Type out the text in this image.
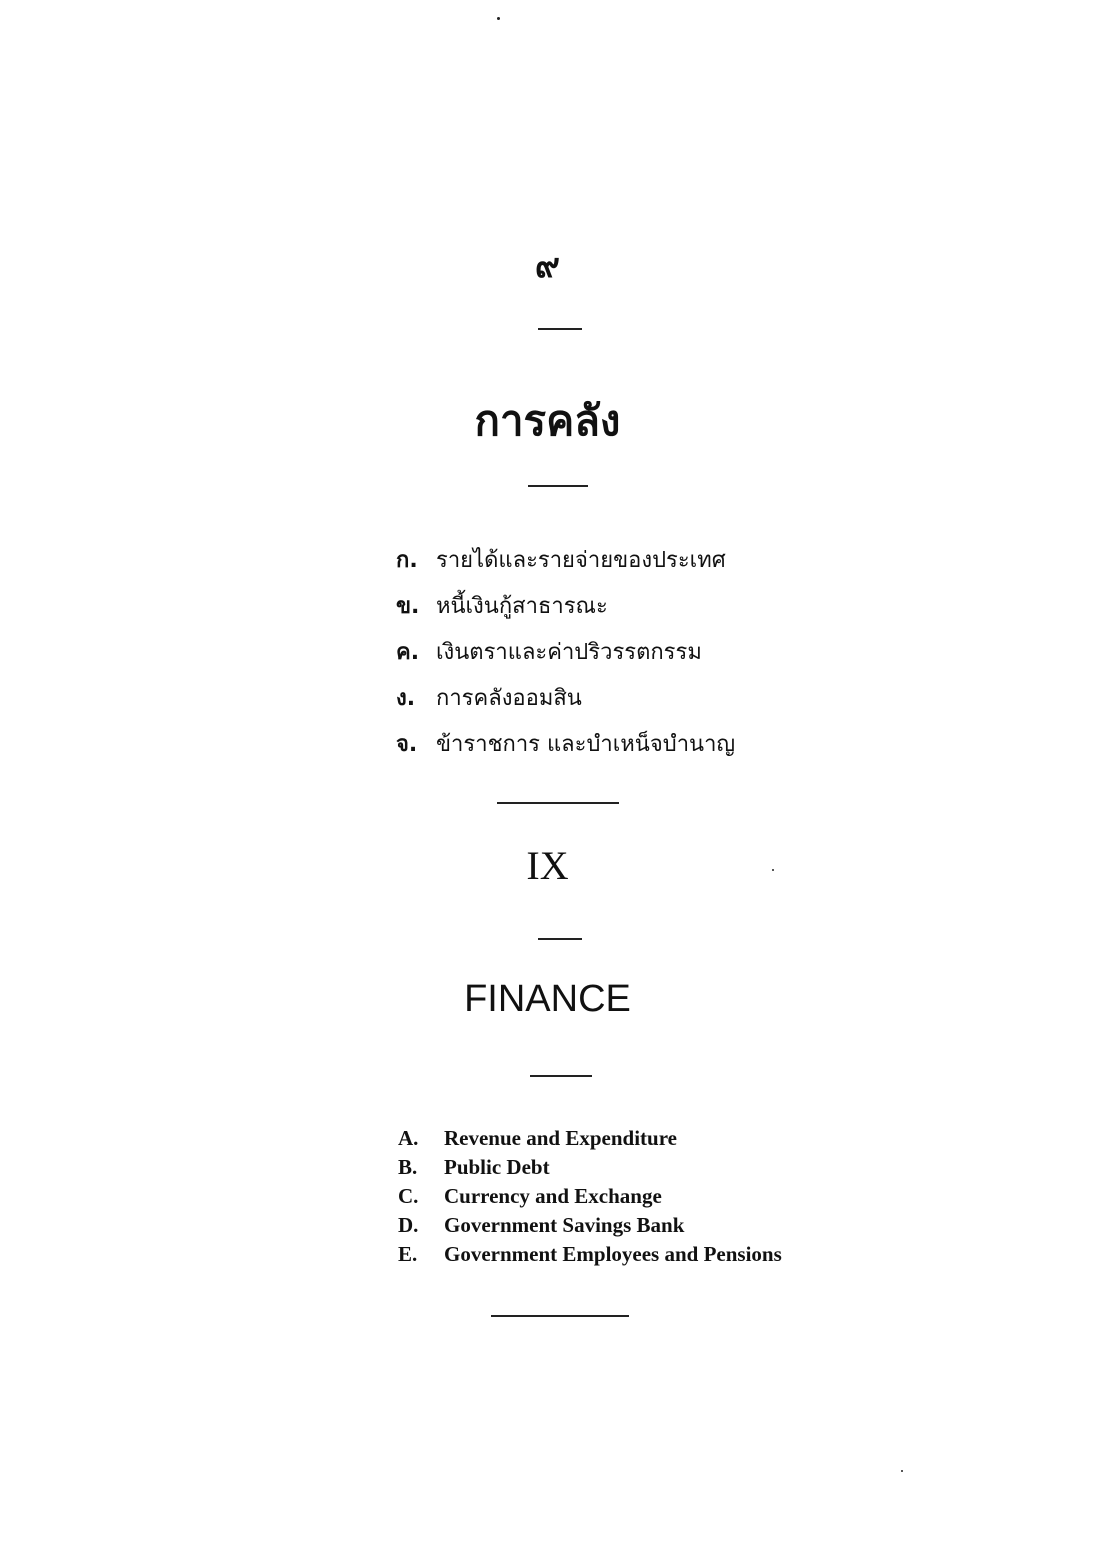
๙
การคลัง
ก. รายได้และรายจ่ายของประเทศ
ข. หนี้เงินกู้สาธารณะ
ค. เงินตราและค่าปริวรรตกรรม
ง. การคลังออมสิน
จ. ข้าราชการ และบำเหน็จบำนาญ
IX
FINANCE
A. Revenue and Expenditure
B. Public Debt
C. Currency and Exchange
D. Government Savings Bank
E. Government Employees and Pensions
